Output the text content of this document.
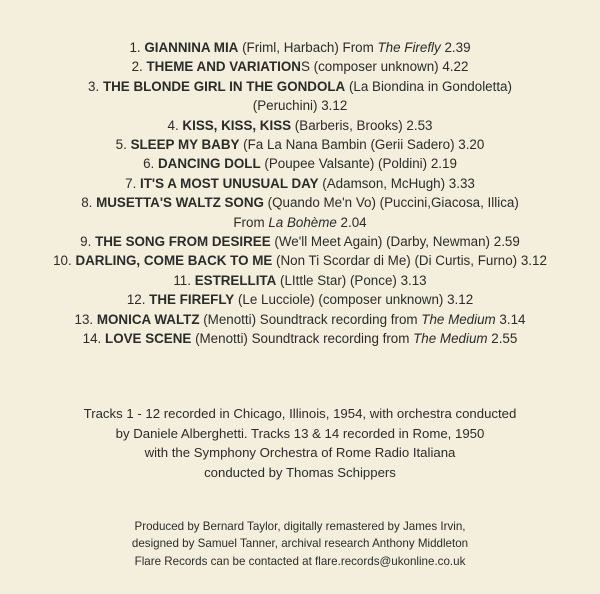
1. GIANNINA MIA (Friml, Harbach) From The Firefly 2.39

2. THEME AND VARIATIONS (composer unknown) 4.22

3. THE BLONDE GIRL IN THE GONDOLA (La Biondina in Gondoletta)

(Peruchini) 3.12

4. KISS, KISS, KISS (Barberis, Brooks) 2.53

5. SLEEP MY BABY (Fa La Nana Bambin (Gerii Sadero) 3.20

6. DANCING DOLL (Poupee Valsante) (Poldini) 2.19

7. IT'S A MOST UNUSUAL DAY (Adamson, McHugh) 3.33

8. MUSETTA'S WALTZ SONG (Quando Me'n Vo) (Puccini,Giacosa, Illica)

From La Bohème 2.04

9. THE SONG FROM DESIREE (We'll Meet Again) (Darby, Newman) 2.59

10. DARLING, COME BACK TO ME (Non Ti Scordar di Me) (Di Curtis, Furno) 3.12

11. ESTRELLITA (LIttle Star) (Ponce) 3.13

12. THE FIREFLY (Le Lucciole) (composer unknown) 3.12

13. MONICA WALTZ (Menotti) Soundtrack recording from The Medium 3.14

14. LOVE SCENE (Menotti) Soundtrack recording from The Medium 2.55

Tracks 1 - 12 recorded in Chicago, Illinois, 1954, with orchestra conducted

by Daniele Alberghetti. Tracks 13 & 14 recorded in Rome, 1950

with the Symphony Orchestra of Rome Radio Italiana

conducted by Thomas Schippers

Produced by Bernard Taylor, digitally remastered by James Irvin,

designed by Samuel Tanner, archival research Anthony Middleton

Flare Records can be contacted at flare.records@ukonline.co.uk
